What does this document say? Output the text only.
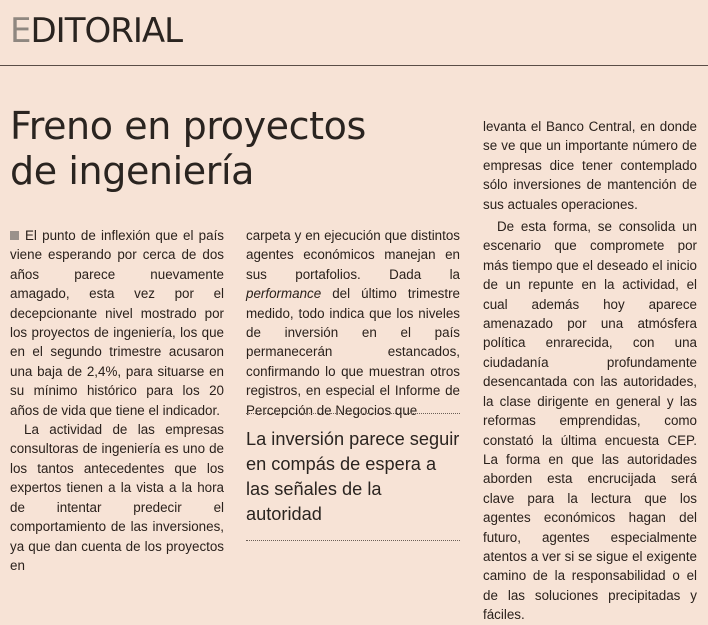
EDITORIAL
Freno en proyectos
de ingeniería

El punto de inflexión que el país viene esperando por cerca de dos años parece nuevamente amagado, esta vez por el decepcionante nivel mostrado por los proyectos de ingeniería, los que en el segundo trimestre acusaron una baja de 2,4%, para situarse en su mínimo histórico para los 20 años de vida que tiene el indicador.

La actividad de las empresas consultoras de ingeniería es uno de los tantos antecedentes que los expertos tienen a la vista a la hora de intentar predecir el comportamiento de las inversiones, ya que dan cuenta de los proyectos en

carpeta y en ejecución que distintos agentes económicos manejan en sus portafolios. Dada la performance del último trimestre medido, todo indica que los niveles de inversión en el país permanecerán estancados, confirmando lo que muestran otros registros, en especial el Informe de Percepción de Negocios que

La inversión parece seguir en compás de espera a las señales de la autoridad

levanta el Banco Central, en donde se ve que un importante número de empresas dice tener contemplado sólo inversiones de mantención de sus actuales operaciones.

De esta forma, se consolida un escenario que compromete por más tiempo que el deseado el inicio de un repunte en la actividad, el cual además hoy aparece amenazado por una atmósfera política enrarecida, con una ciudadanía profundamente desencantada con las autoridades, la clase dirigente en general y las reformas emprendidas, como constató la última encuesta CEP. La forma en que las autoridades aborden esta encrucijada será clave para la lectura que los agentes económicos hagan del futuro, agentes especialmente atentos a ver si se sigue el exigente camino de la responsabilidad o el de las soluciones precipitadas y fáciles.
